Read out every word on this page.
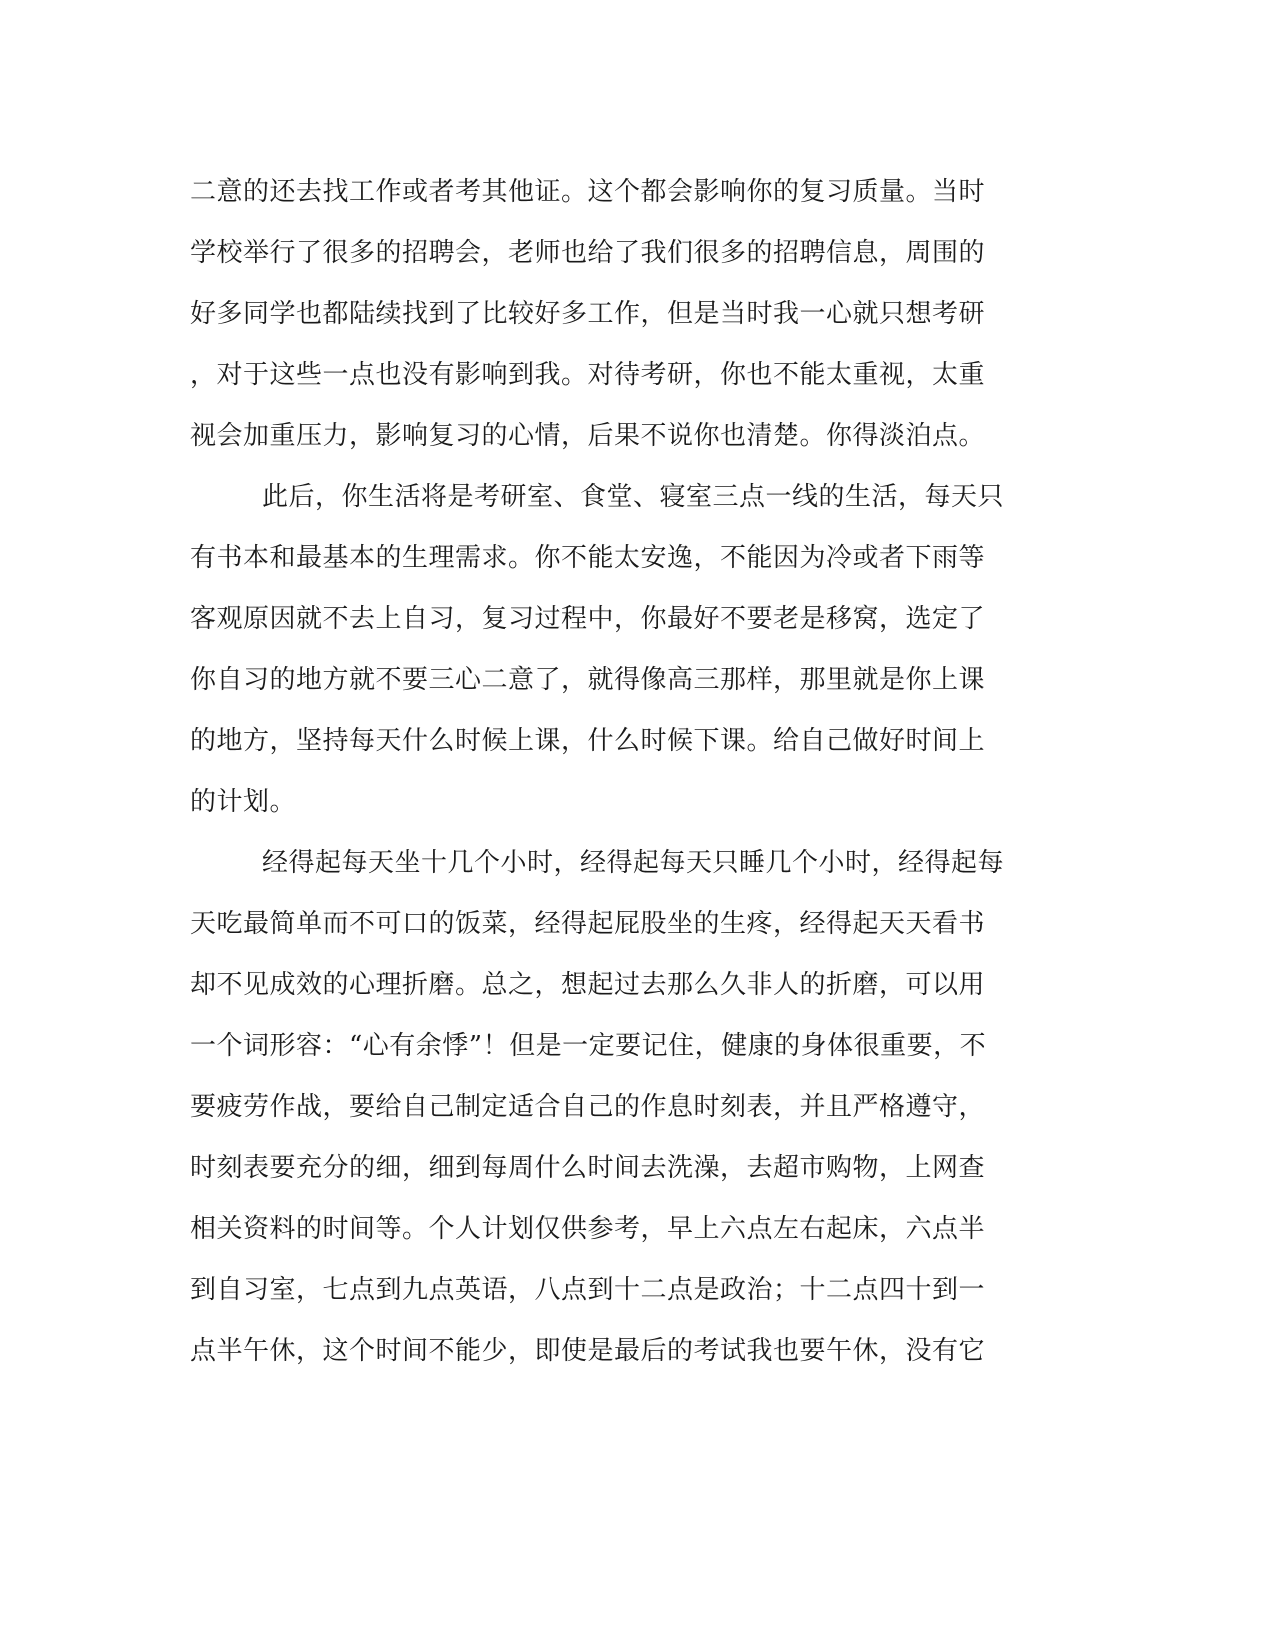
二意的还去找工作或者考其他证。这个都会影响你的复习质量。当时
学校举行了很多的招聘会，老师也给了我们很多的招聘信息，周围的
好多同学也都陆续找到了比较好多工作，但是当时我一心就只想考研
，对于这些一点也没有影响到我。对待考研，你也不能太重视，太重
视会加重压力，影响复习的心情，后果不说你也清楚。你得淡泊点。
此后，你生活将是考研室、食堂、寝室三点一线的生活，每天只
有书本和最基本的生理需求。你不能太安逸，不能因为冷或者下雨等
客观原因就不去上自习，复习过程中，你最好不要老是移窝，选定了
你自习的地方就不要三心二意了，就得像高三那样，那里就是你上课
的地方，坚持每天什么时候上课，什么时候下课。给自己做好时间上
的计划。
经得起每天坐十几个小时，经得起每天只睡几个小时，经得起每
天吃最简单而不可口的饭菜，经得起屁股坐的生疼，经得起天天看书
却不见成效的心理折磨。总之，想起过去那么久非人的折磨，可以用
一个词形容：“心有余悸”！但是一定要记住，健康的身体很重要，不
要疲劳作战，要给自己制定适合自己的作息时刻表，并且严格遵守，
时刻表要充分的细，细到每周什么时间去洗澡，去超市购物，上网查
相关资料的时间等。个人计划仅供参考，早上六点左右起床，六点半
到自习室，七点到九点英语，八点到十二点是政治；十二点四十到一
点半午休，这个时间不能少，即使是最后的考试我也要午休，没有它
